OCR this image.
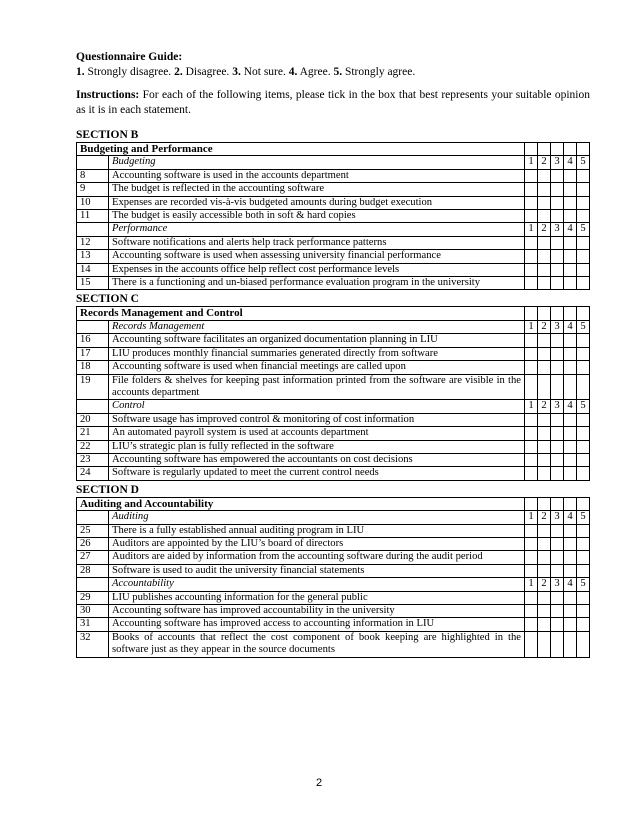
Questionnaire Guide:

1. Strongly disagree. 2. Disagree. 3. Not sure. 4. Agree. 5. Strongly agree.

Instructions: For each of the following items, please tick in the box that best represents your suitable opinion as it is in each statement.

SECTION B

Budgeting and Performance						
	Budgeting	1	2	3	4	5
8	Accounting software is used in the accounts department					
9	The budget is reflected in the accounting software					
10	Expenses are recorded vis-à-vis budgeted amounts during budget execution					
11	The budget is easily accessible both in soft & hard copies					
	Performance	1	2	3	4	5
12	Software notifications and alerts help track performance patterns					
13	Accounting software is used when assessing university financial performance					
14	Expenses in the accounts office help reflect cost performance levels					
15	There is a functioning and un-biased performance evaluation program in the university					

SECTION C

Records Management and Control						
	Records Management	1	2	3	4	5
16	Accounting software facilitates an organized documentation planning in LIU					
17	LIU produces monthly financial summaries generated directly from software					
18	Accounting software is used when financial meetings are called upon					
19	File folders & shelves for keeping past information printed from the software are visible in the accounts department					
	Control	1	2	3	4	5
20	Software usage has improved control & monitoring of cost information					
21	An automated payroll system is used at accounts department					
22	LIU’s strategic plan is fully reflected in the software					
23	Accounting software has empowered the accountants on cost decisions					
24	Software is regularly updated to meet the current control needs					

SECTION D

Auditing and Accountability						
	Auditing	1	2	3	4	5
25	There is a fully established annual auditing program in LIU					
26	Auditors are appointed by the LIU’s board of directors					
27	Auditors are aided by information from the accounting software during the audit period					
28	Software is used to audit the university financial statements					
	Accountability	1	2	3	4	5
29	LIU publishes accounting information for the general public					
30	Accounting software has improved accountability in the university					
31	Accounting software has improved access to accounting information in LIU					
32	Books of accounts that reflect the cost component of book keeping are highlighted in the software just as they appear in the source documents					
2
